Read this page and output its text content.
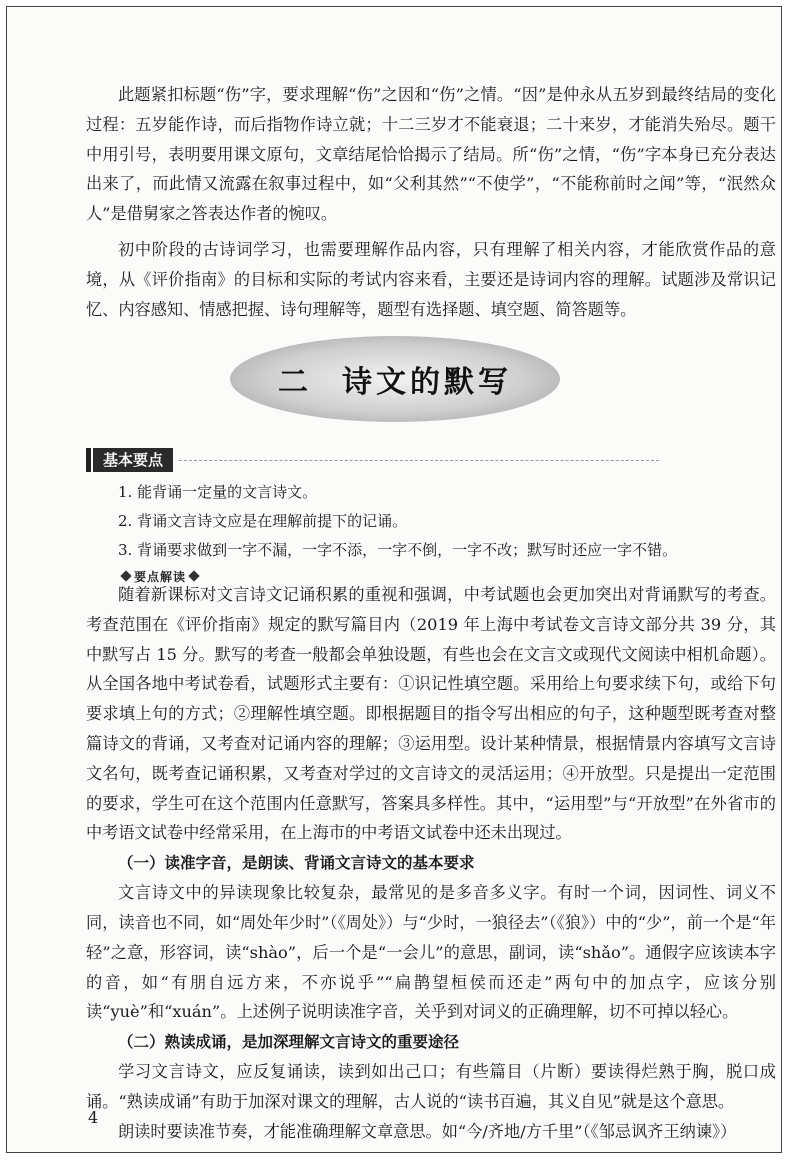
此题紧扣标题“伤”字，要求理解“伤”之因和“伤”之情。“因”是仲永从五岁到最终结局的变化过程：五岁能作诗，而后指物作诗立就；十二三岁才不能衰退；二十来岁，才能消失殆尽。题干中用引号，表明要用课文原句，文章结尾恰恰揭示了结局。所“伤”之情，“伤”字本身已充分表达出来了，而此情又流露在叙事过程中，如“父利其然”“不使学”，“不能称前时之闻”等，“泯然众人”是借舅家之答表达作者的惋叹。

初中阶段的古诗词学习，也需要理解作品内容，只有理解了相关内容，才能欣赏作品的意境，从《评价指南》的目标和实际的考试内容来看，主要还是诗词内容的理解。试题涉及常识记忆、内容感知、情感把握、诗句理解等，题型有选择题、填空题、简答题等。

二 诗文的默写
基本要点

1. 能背诵一定量的文言诗文。

2. 背诵文言诗文应是在理解前提下的记诵。

3. 背诵要求做到一字不漏，一字不添，一字不倒，一字不改；默写时还应一字不错。

要点解读

随着新课标对文言诗文记诵积累的重视和强调，中考试题也会更加突出对背诵默写的考查。考查范围在《评价指南》规定的默写篇目内（2019 年上海中考试卷文言诗文部分共 39 分，其中默写占 15 分。默写的考查一般都会单独设题，有些也会在文言文或现代文阅读中相机命题）。从全国各地中考试卷看，试题形式主要有：①识记性填空题。采用给上句要求续下句，或给下句要求填上句的方式；②理解性填空题。即根据题目的指令写出相应的句子，这种题型既考查对整篇诗文的背诵，又考查对记诵内容的理解；③运用型。设计某种情景，根据情景内容填写文言诗文名句，既考查记诵积累，又考查对学过的文言诗文的灵活运用；④开放型。只是提出一定范围的要求，学生可在这个范围内任意默写，答案具多样性。其中，“运用型”与“开放型”在外省市的中考语文试卷中经常采用，在上海市的中考语文试卷中还未出现过。

（一）读准字音，是朗读、背诵文言诗文的基本要求

文言诗文中的异读现象比较复杂，最常见的是多音多义字。有时一个词，因词性、词义不同，读音也不同，如“周处年少时”（《周处》）与“少时，一狼径去”（《狼》）中的“少”，前一个是“年轻”之意，形容词，读“shào”，后一个是“一会儿”的意思，副词，读“shǎo”。通假字应该读本字的音，如“有朋自远方来，不亦说乎”“扁鹊望桓侯而还走”两句中的加点字，应该分别读“yuè”和“xuán”。上述例子说明读准字音，关乎到对词义的正确理解，切不可掉以轻心。

（二）熟读成诵，是加深理解文言诗文的重要途径

学习文言诗文，应反复诵读，读到如出己口；有些篇目（片断）要读得烂熟于胸，脱口成诵。“熟读成诵”有助于加深对课文的理解，古人说的“读书百遍，其义自见”就是这个意思。

朗读时要读准节奏，才能准确理解文章意思。如“今/齐地/方千里”（《邹忌讽齐王纳谏》）

4
